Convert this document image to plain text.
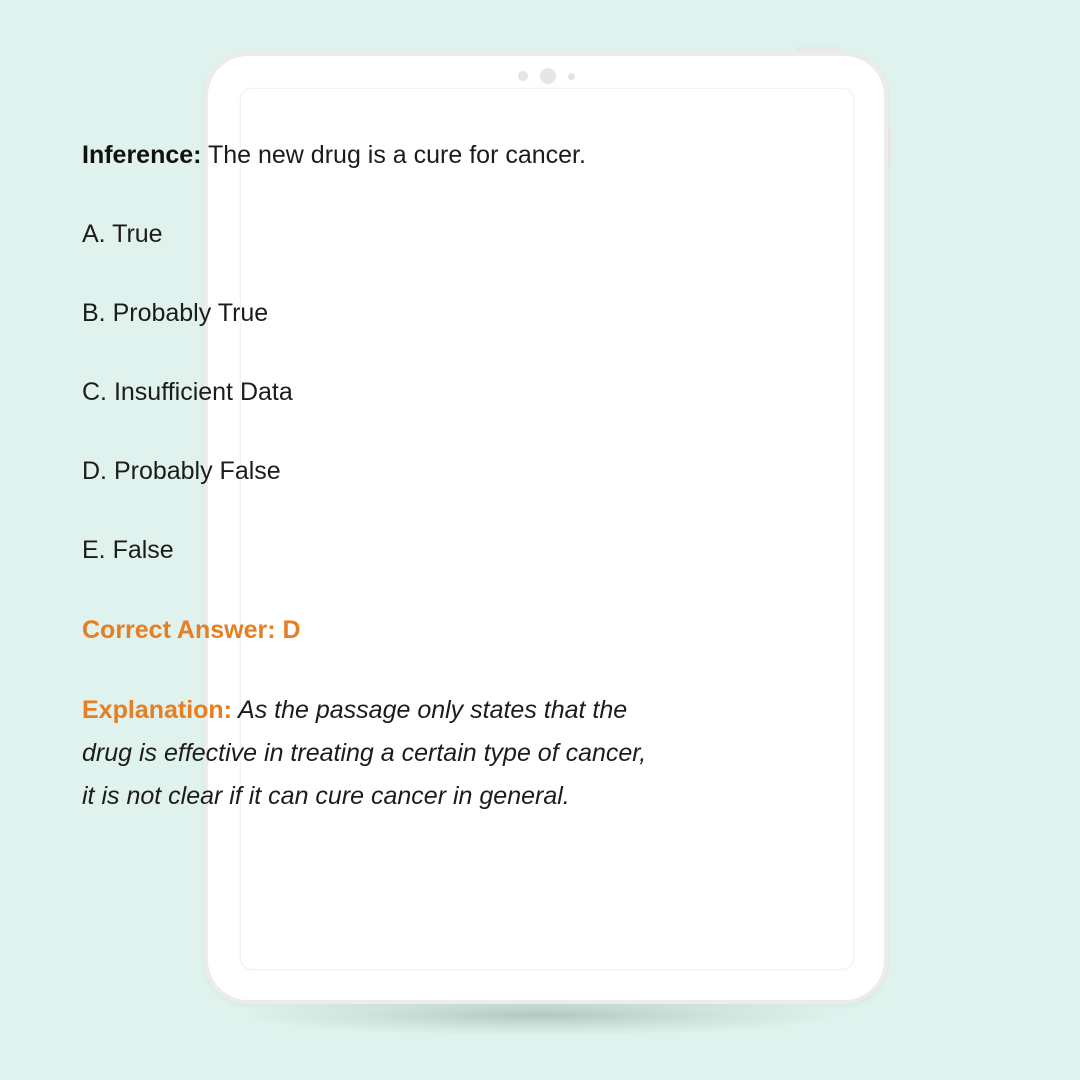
Inference: The new drug is a cure for cancer.

A. True
B. Probably True
C. Insufficient Data
D. Probably False
E. False
Correct Answer: D
Explanation: As the passage only states that the drug is effective in treating a certain type of cancer, it is not clear if it can cure cancer in general.
